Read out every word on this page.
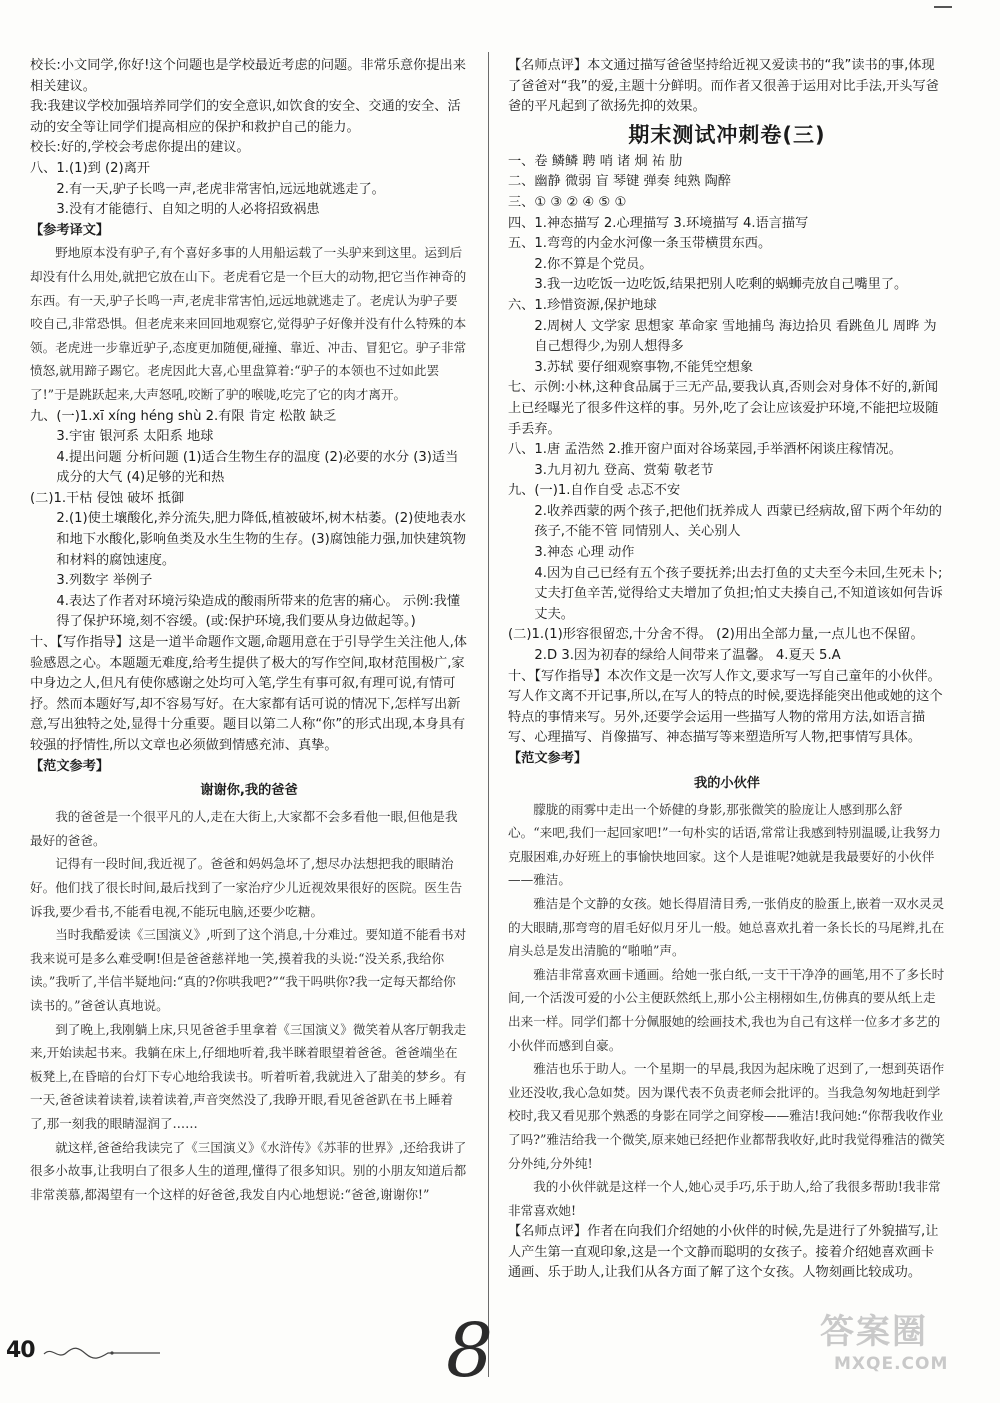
校长:小文同学,你好!这个问题也是学校最近考虑的问题。非常乐意你提出来相关建议。

我:我建议学校加强培养同学们的安全意识,如饮食的安全、交通的安全、活动的安全等让同学们提高相应的保护和救护自己的能力。

校长:好的,学校会考虑你提出的建议。

八、1.(1)到 (2)离开

2.有一天,驴子长鸣一声,老虎非常害怕,远远地就逃走了。

3.没有才能德行、自知之明的人必将招致祸患

【参考译文】

野地原本没有驴子,有个喜好多事的人用船运载了一头驴来到这里。运到后却没有什么用处,就把它放在山下。老虎看它是一个巨大的动物,把它当作神奇的东西。有一天,驴子长鸣一声,老虎非常害怕,远远地就逃走了。老虎认为驴子要咬自己,非常恐惧。但老虎来来回回地观察它,觉得驴子好像并没有什么特殊的本领。老虎进一步靠近驴子,态度更加随便,碰撞、靠近、冲击、冒犯它。驴子非常愤怒,就用蹄子踢它。老虎因此大喜,心里盘算着:“驴子的本领也不过如此罢了!”于是跳跃起来,大声怒吼,咬断了驴的喉咙,吃完了它的肉才离开。

九、(一)1.xī xíng héng shù 2.有限 肯定 松散 缺乏

3.宇宙 银河系 太阳系 地球

4.提出问题 分析问题 (1)适合生物生存的温度 (2)必要的水分 (3)适当成分的大气 (4)足够的光和热

(二)1.干枯 侵蚀 破坏 抵御

2.(1)使土壤酸化,养分流失,肥力降低,植被破坏,树木枯萎。(2)使地表水和地下水酸化,影响鱼类及水生生物的生存。(3)腐蚀能力强,加快建筑物和材料的腐蚀速度。

3.列数字 举例子

4.表达了作者对环境污染造成的酸雨所带来的危害的痛心。 示例:我懂得了保护环境,刻不容缓。(或:保护环境,我们要从身边做起等。)

十、【写作指导】这是一道半命题作文题,命题用意在于引导学生关注他人,体验感恩之心。本题题无难度,给考生提供了极大的写作空间,取材范围极广,家中身边之人,但凡有使你感谢之处均可入笔,学生有事可叙,有理可说,有情可抒。然而本题好写,却不容易写好。在大家都有话可说的情况下,怎样写出新意,写出独特之处,显得十分重要。题目以第二人称“你”的形式出现,本身具有较强的抒情性,所以文章也必须做到情感充沛、真挚。

【范文参考】

谢谢你,我的爸爸

我的爸爸是一个很平凡的人,走在大街上,大家都不会多看他一眼,但他是我最好的爸爸。

记得有一段时间,我近视了。爸爸和妈妈急坏了,想尽办法想把我的眼睛治好。他们找了很长时间,最后找到了一家治疗少儿近视效果很好的医院。医生告诉我,要少看书,不能看电视,不能玩电脑,还要少吃糖。

当时我酷爱读《三国演义》,听到了这个消息,十分难过。要知道不能看书对我来说可是多么难受啊!但是爸爸慈祥地一笑,摸着我的头说:“没关系,我给你读。”我听了,半信半疑地问:“真的?你哄我吧?”“我干吗哄你?我一定每天都给你读书的。”爸爸认真地说。

到了晚上,我刚躺上床,只见爸爸手里拿着《三国演义》微笑着从客厅朝我走来,开始读起书来。我躺在床上,仔细地听着,我半眯着眼望着爸爸。爸爸端坐在板凳上,在昏暗的台灯下专心地给我读书。听着听着,我就进入了甜美的梦乡。有一天,爸爸读着读着,读着读着,声音突然没了,我睁开眼,看见爸爸趴在书上睡着了,那一刻我的眼睛湿润了……

就这样,爸爸给我读完了《三国演义》《水浒传》《苏菲的世界》,还给我讲了很多小故事,让我明白了很多人生的道理,懂得了很多知识。别的小朋友知道后都非常羡慕,都渴望有一个这样的好爸爸,我发自内心地想说:“爸爸,谢谢你!”

【名师点评】本文通过描写爸爸坚持给近视又爱读书的“我”读书的事,体现了爸爸对“我”的爱,主题十分鲜明。而作者又很善于运用对比手法,开头写爸爸的平凡起到了欲扬先抑的效果。

期末测试冲刺卷(三)

一、卷 鳞鳞 聘 哨 诸 炯 祐 肋

二、幽静 微弱 盲 琴键 弹奏 纯熟 陶醉

三、① ③ ② ④ ⑤ ①

四、1.神态描写 2.心理描写 3.环境描写 4.语言描写

五、1.弯弯的内金水河像一条玉带横贯东西。

2.你不算是个党员。

3.我一边吃饭一边吃饭,结果把别人吃剩的蜗蛳壳放自己嘴里了。

六、1.珍惜资源,保护地球

2.周树人 文学家 思想家 革命家 雪地捕鸟 海边拾贝 看跳鱼儿 周晔 为自己想得少,为别人想得多

3.苏轼 要仔细观察事物,不能凭空想象

七、示例:小林,这种食品属于三无产品,要我认真,否则会对身体不好的,新闻上已经曝光了很多件这样的事。另外,吃了会让应该爱护环境,不能把垃圾随手丢弃。

八、1.唐 孟浩然 2.推开窗户面对谷场菜园,手举酒杯闲谈庄稼情况。

3.九月初九 登高、赏菊 敬老节

九、(一)1.自作自受 忐忑不安

2.收养西蒙的两个孩子,把他们抚养成人 西蒙已经病故,留下两个年幼的孩子,不能不管 同情别人、关心别人

3.神态 心理 动作

4.因为自己已经有五个孩子要抚养;出去打鱼的丈夫至今未回,生死未卜;丈夫打鱼辛苦,觉得给丈夫增加了负担;怕丈夫揍自己,不知道该如何告诉丈夫。

(二)1.(1)形容很留恋,十分舍不得。 (2)用出全部力量,一点儿也不保留。

2.D 3.因为初春的绿给人间带来了温馨。 4.夏天 5.A

十、【写作指导】本次作文是一次写人作文,要求写一写自己童年的小伙伴。写人作文离不开记事,所以,在写人的特点的时候,要选择能突出他或她的这个特点的事情来写。另外,还要学会运用一些描写人物的常用方法,如语言描写、心理描写、肖像描写、神态描写等来塑造所写人物,把事情写具体。

【范文参考】

我的小伙伴

朦胧的雨雾中走出一个娇健的身影,那张微笑的脸庞让人感到那么舒心。“来吧,我们一起回家吧!”一句朴实的话语,常常让我感到特别温暖,让我努力克服困难,办好班上的事愉快地回家。这个人是谁呢?她就是我最要好的小伙伴——雅洁。

雅洁是个文静的女孩。她长得眉清目秀,一张俏皮的脸蛋上,嵌着一双水灵灵的大眼睛,那弯弯的眉毛好似月牙儿一般。她总喜欢扎着一条长长的马尾辫,扎在肩头总是发出清脆的“啪啪”声。

雅洁非常喜欢画卡通画。给她一张白纸,一支干干净净的画笔,用不了多长时间,一个活泼可爱的小公主便跃然纸上,那小公主栩栩如生,仿佛真的要从纸上走出来一样。同学们都十分佩服她的绘画技术,我也为自己有这样一位多才多艺的小伙伴而感到自豪。

雅洁也乐于助人。一个星期一的早晨,我因为起床晚了迟到了,一想到英语作业还没收,我心急如焚。因为课代表不负责老师会批评的。当我急匆匆地赶到学校时,我又看见那个熟悉的身影在同学之间穿梭——雅洁!我问她:“你帮我收作业了吗?”雅洁给我一个微笑,原来她已经把作业都帮我收好,此时我觉得雅洁的微笑分外纯,分外纯!

我的小伙伴就是这样一个人,她心灵手巧,乐于助人,给了我很多帮助!我非常非常喜欢她!

【名师点评】作者在向我们介绍她的小伙伴的时候,先是进行了外貌描写,让人产生第一直观印象,这是一个文静而聪明的女孩子。接着介绍她喜欢画卡通画、乐于助人,让我们从各方面了解了这个女孩。人物刻画比较成功。

40	8	答案圈
MXQE.COM
